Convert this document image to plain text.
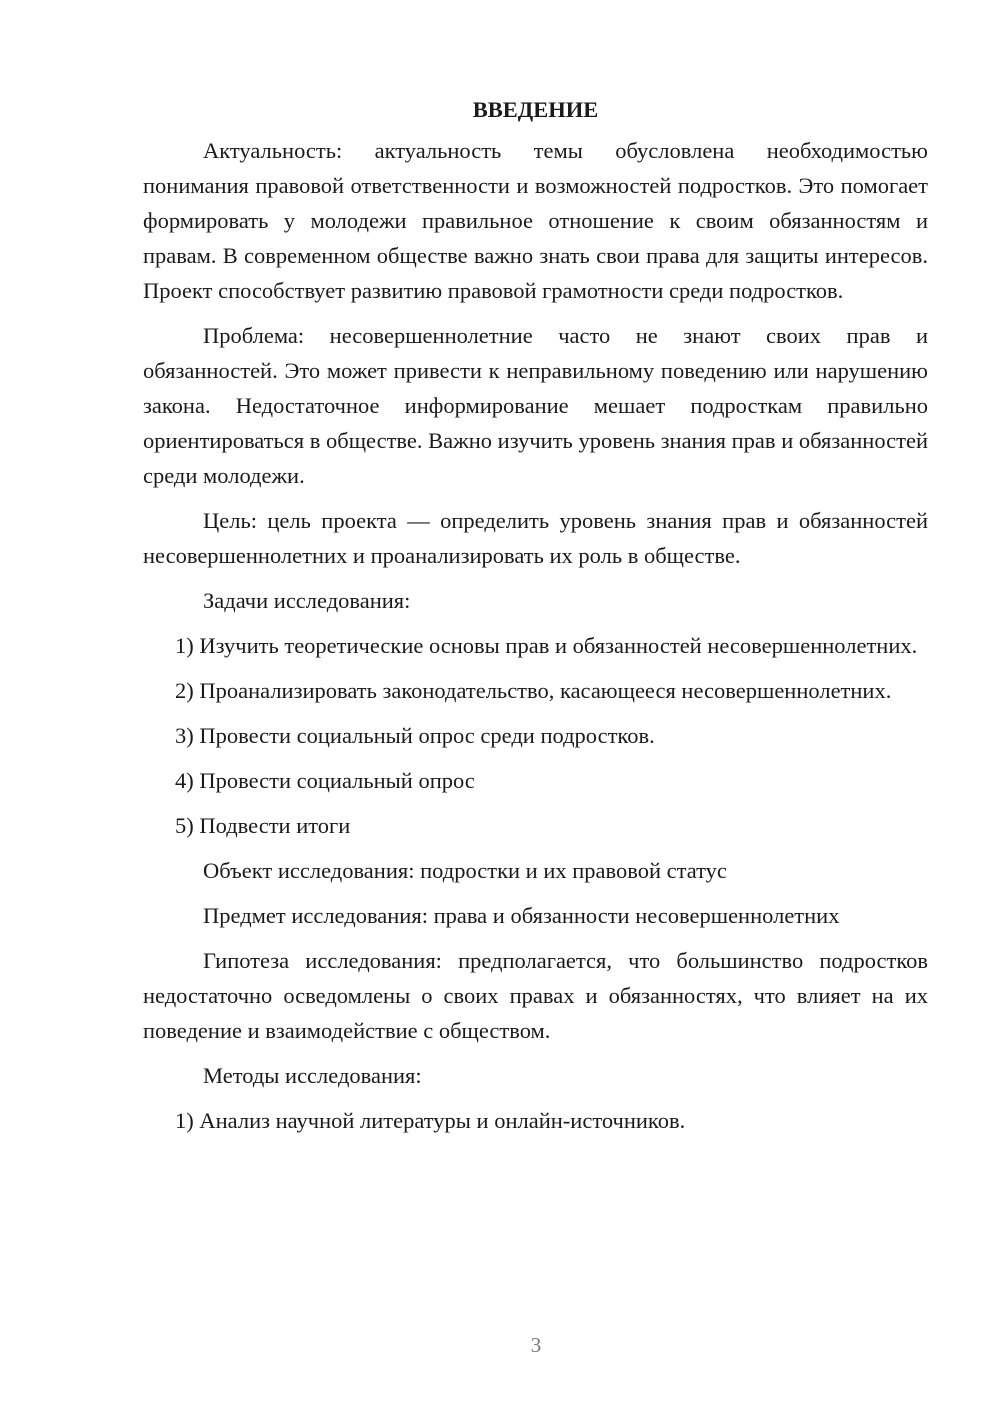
ВВЕДЕНИЕ
Актуальность: актуальность темы обусловлена необходимостью понимания правовой ответственности и возможностей подростков. Это помогает формировать у молодежи правильное отношение к своим обязанностям и правам. В современном обществе важно знать свои права для защиты интересов. Проект способствует развитию правовой грамотности среди подростков.
Проблема: несовершеннолетние часто не знают своих прав и обязанностей. Это может привести к неправильному поведению или нарушению закона. Недостаточное информирование мешает подросткам правильно ориентироваться в обществе. Важно изучить уровень знания прав и обязанностей среди молодежи.
Цель: цель проекта — определить уровень знания прав и обязанностей несовершеннолетних и проанализировать их роль в обществе.
Задачи исследования:
1) Изучить теоретические основы прав и обязанностей несовершеннолетних.
2) Проанализировать законодательство, касающееся несовершеннолетних.
3) Провести социальный опрос среди подростков.
4) Провести социальный опрос
5) Подвести итоги
Объект исследования: подростки и их правовой статус
Предмет исследования: права и обязанности несовершеннолетних
Гипотеза исследования: предполагается, что большинство подростков недостаточно осведомлены о своих правах и обязанностях, что влияет на их поведение и взаимодействие с обществом.
Методы исследования:
1) Анализ научной литературы и онлайн-источников.
3
